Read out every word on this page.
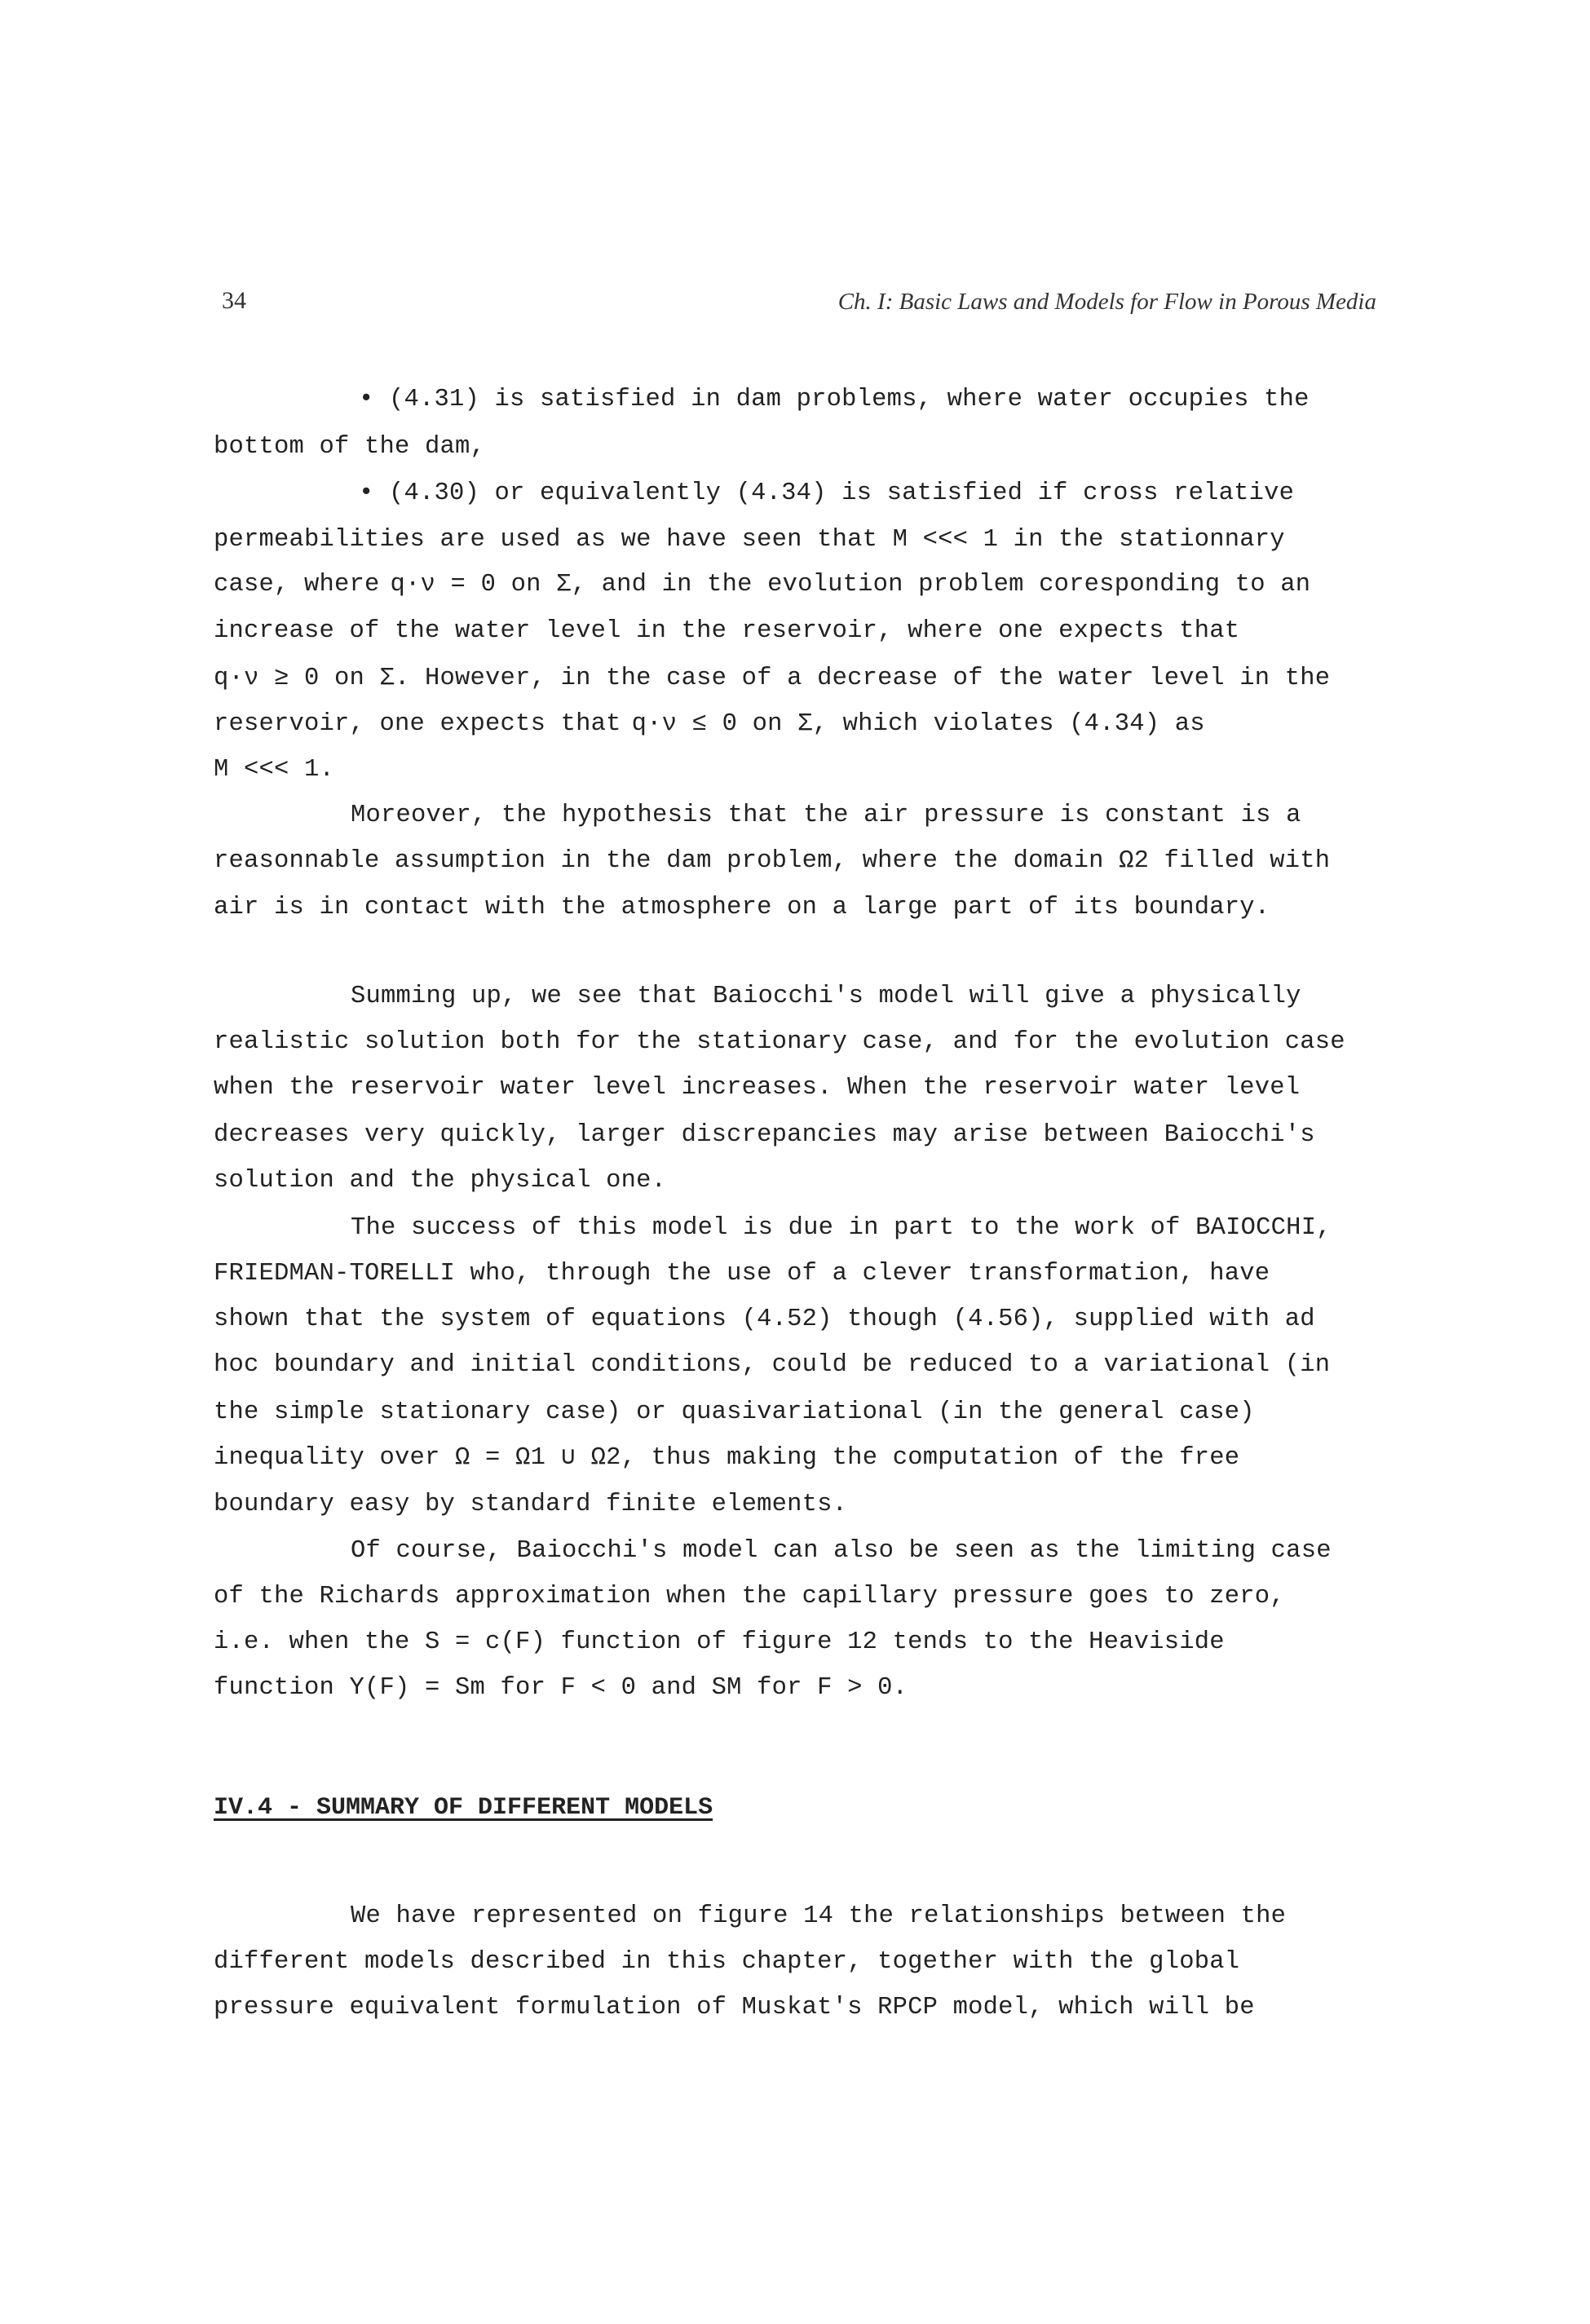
34	Ch. I: Basic Laws and Models for Flow in Porous Media
• (4.31) is satisfied in dam problems, where water occupies the
bottom of the dam,
• (4.30) or equivalently (4.34) is satisfied if cross relative
permeabilities are used as we have seen that M <<< 1 in the stationnary
case, where q·ν = 0 on Σ, and in the evolution problem coresponding to an
increase of the water level in the reservoir, where one expects that
q·ν ≥ 0 on Σ. However, in the case of a decrease of the water level in the
reservoir, one expects that q·ν ≤ 0 on Σ, which violates (4.34) as
M <<< 1.
Moreover, the hypothesis that the air pressure is constant is a
reasonnable assumption in the dam problem, where the domain Ω2 filled with
air is in contact with the atmosphere on a large part of its boundary.
Summing up, we see that Baiocchi's model will give a physically
realistic solution both for the stationary case, and for the evolution case
when the reservoir water level increases. When the reservoir water level
decreases very quickly, larger discrepancies may arise between Baiocchi's
solution and the physical one.
The success of this model is due in part to the work of BAIOCCHI,
FRIEDMAN-TORELLI who, through the use of a clever transformation, have
shown that the system of equations (4.52) though (4.56), supplied with ad
hoc boundary and initial conditions, could be reduced to a variational (in
the simple stationary case) or quasivariational (in the general case)
inequality over Ω = Ω1 ∪ Ω2, thus making the computation of the free
boundary easy by standard finite elements.
Of course, Baiocchi's model can also be seen as the limiting case
of the Richards approximation when the capillary pressure goes to zero,
i.e. when the S = c(F) function of figure 12 tends to the Heaviside
function Y(F) = Sm for F < 0 and SM for F > 0.
IV.4 - SUMMARY OF DIFFERENT MODELS
We have represented on figure 14 the relationships between the
different models described in this chapter, together with the global
pressure equivalent formulation of Muskat's RPCP model, which will be
